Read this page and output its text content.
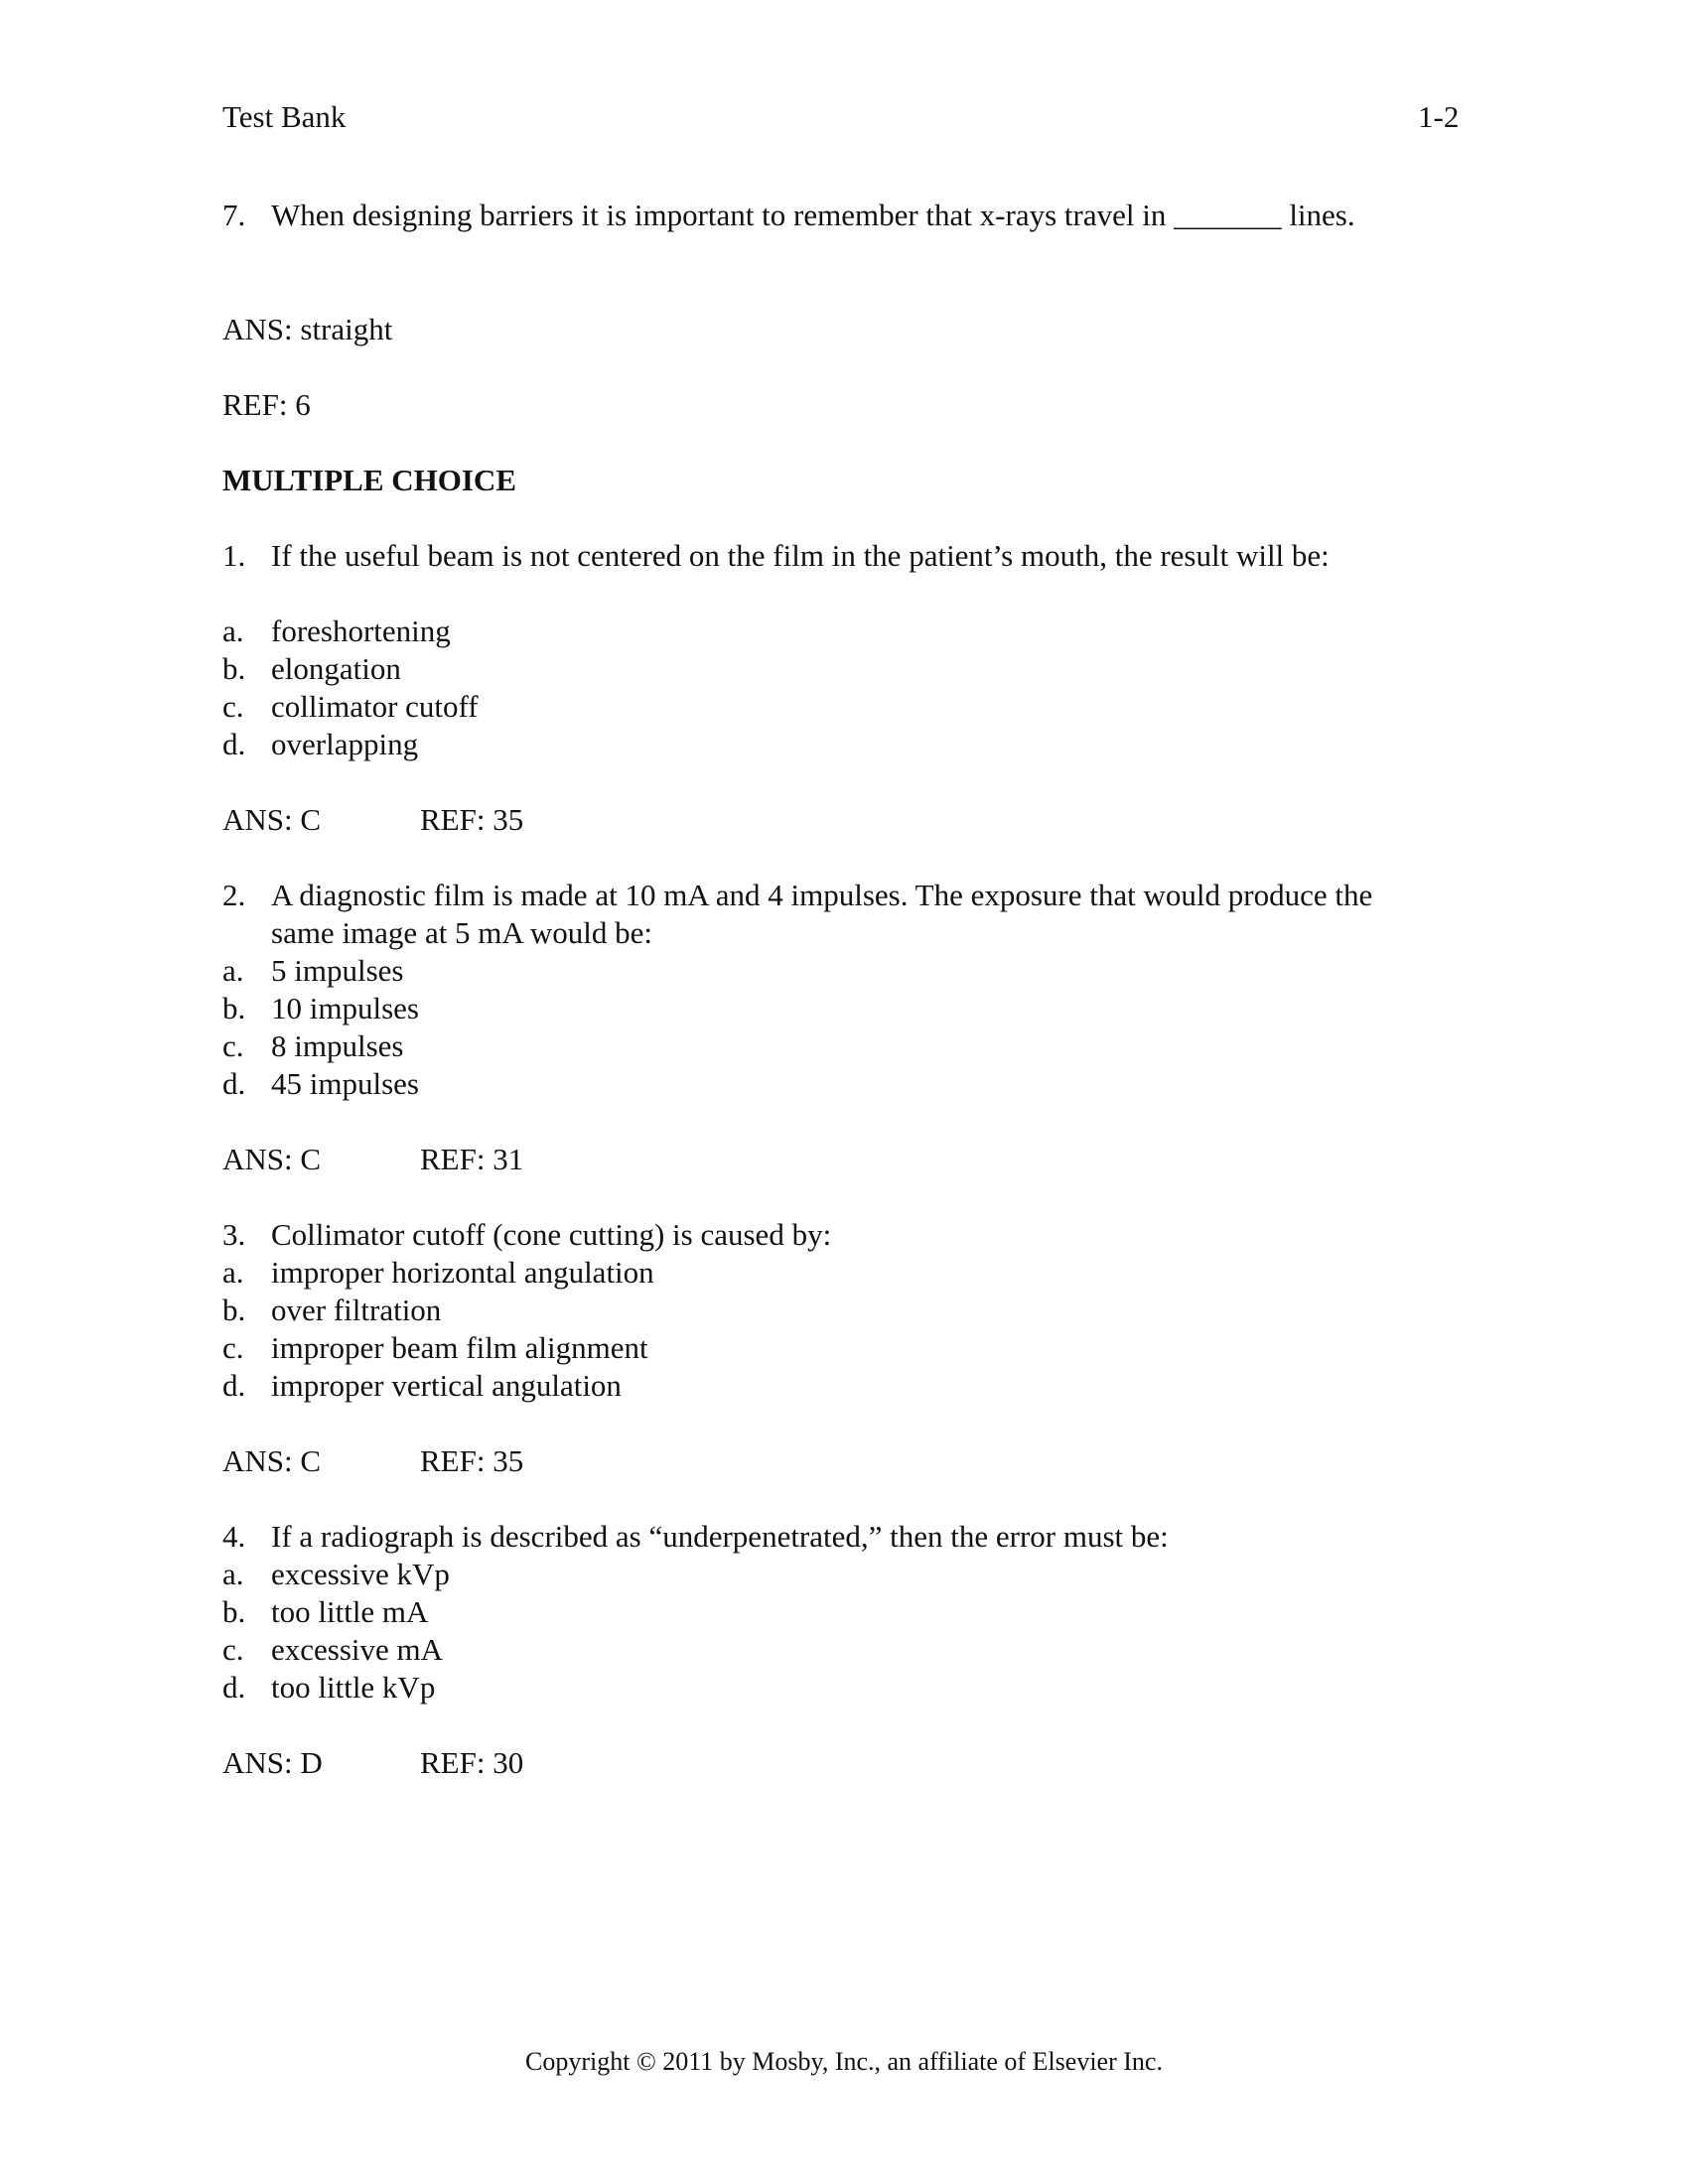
Test Bank	1-2
7. When designing barriers it is important to remember that x-rays travel in _______ lines.
ANS: straight
REF: 6
MULTIPLE CHOICE
1. If the useful beam is not centered on the film in the patient’s mouth, the result will be:
a. foreshortening
b. elongation
c. collimator cutoff
d. overlapping
ANS: C	REF: 35
2. A diagnostic film is made at 10 mA and 4 impulses. The exposure that would produce the same image at 5 mA would be:
a. 5 impulses
b. 10 impulses
c. 8 impulses
d. 45 impulses
ANS: C	REF: 31
3. Collimator cutoff (cone cutting) is caused by:
a. improper horizontal angulation
b. over filtration
c. improper beam film alignment
d. improper vertical angulation
ANS: C	REF: 35
4. If a radiograph is described as “underpenetrated,” then the error must be:
a. excessive kVp
b. too little mA
c. excessive mA
d. too little kVp
ANS: D	REF: 30
Copyright © 2011 by Mosby, Inc., an affiliate of Elsevier Inc.
